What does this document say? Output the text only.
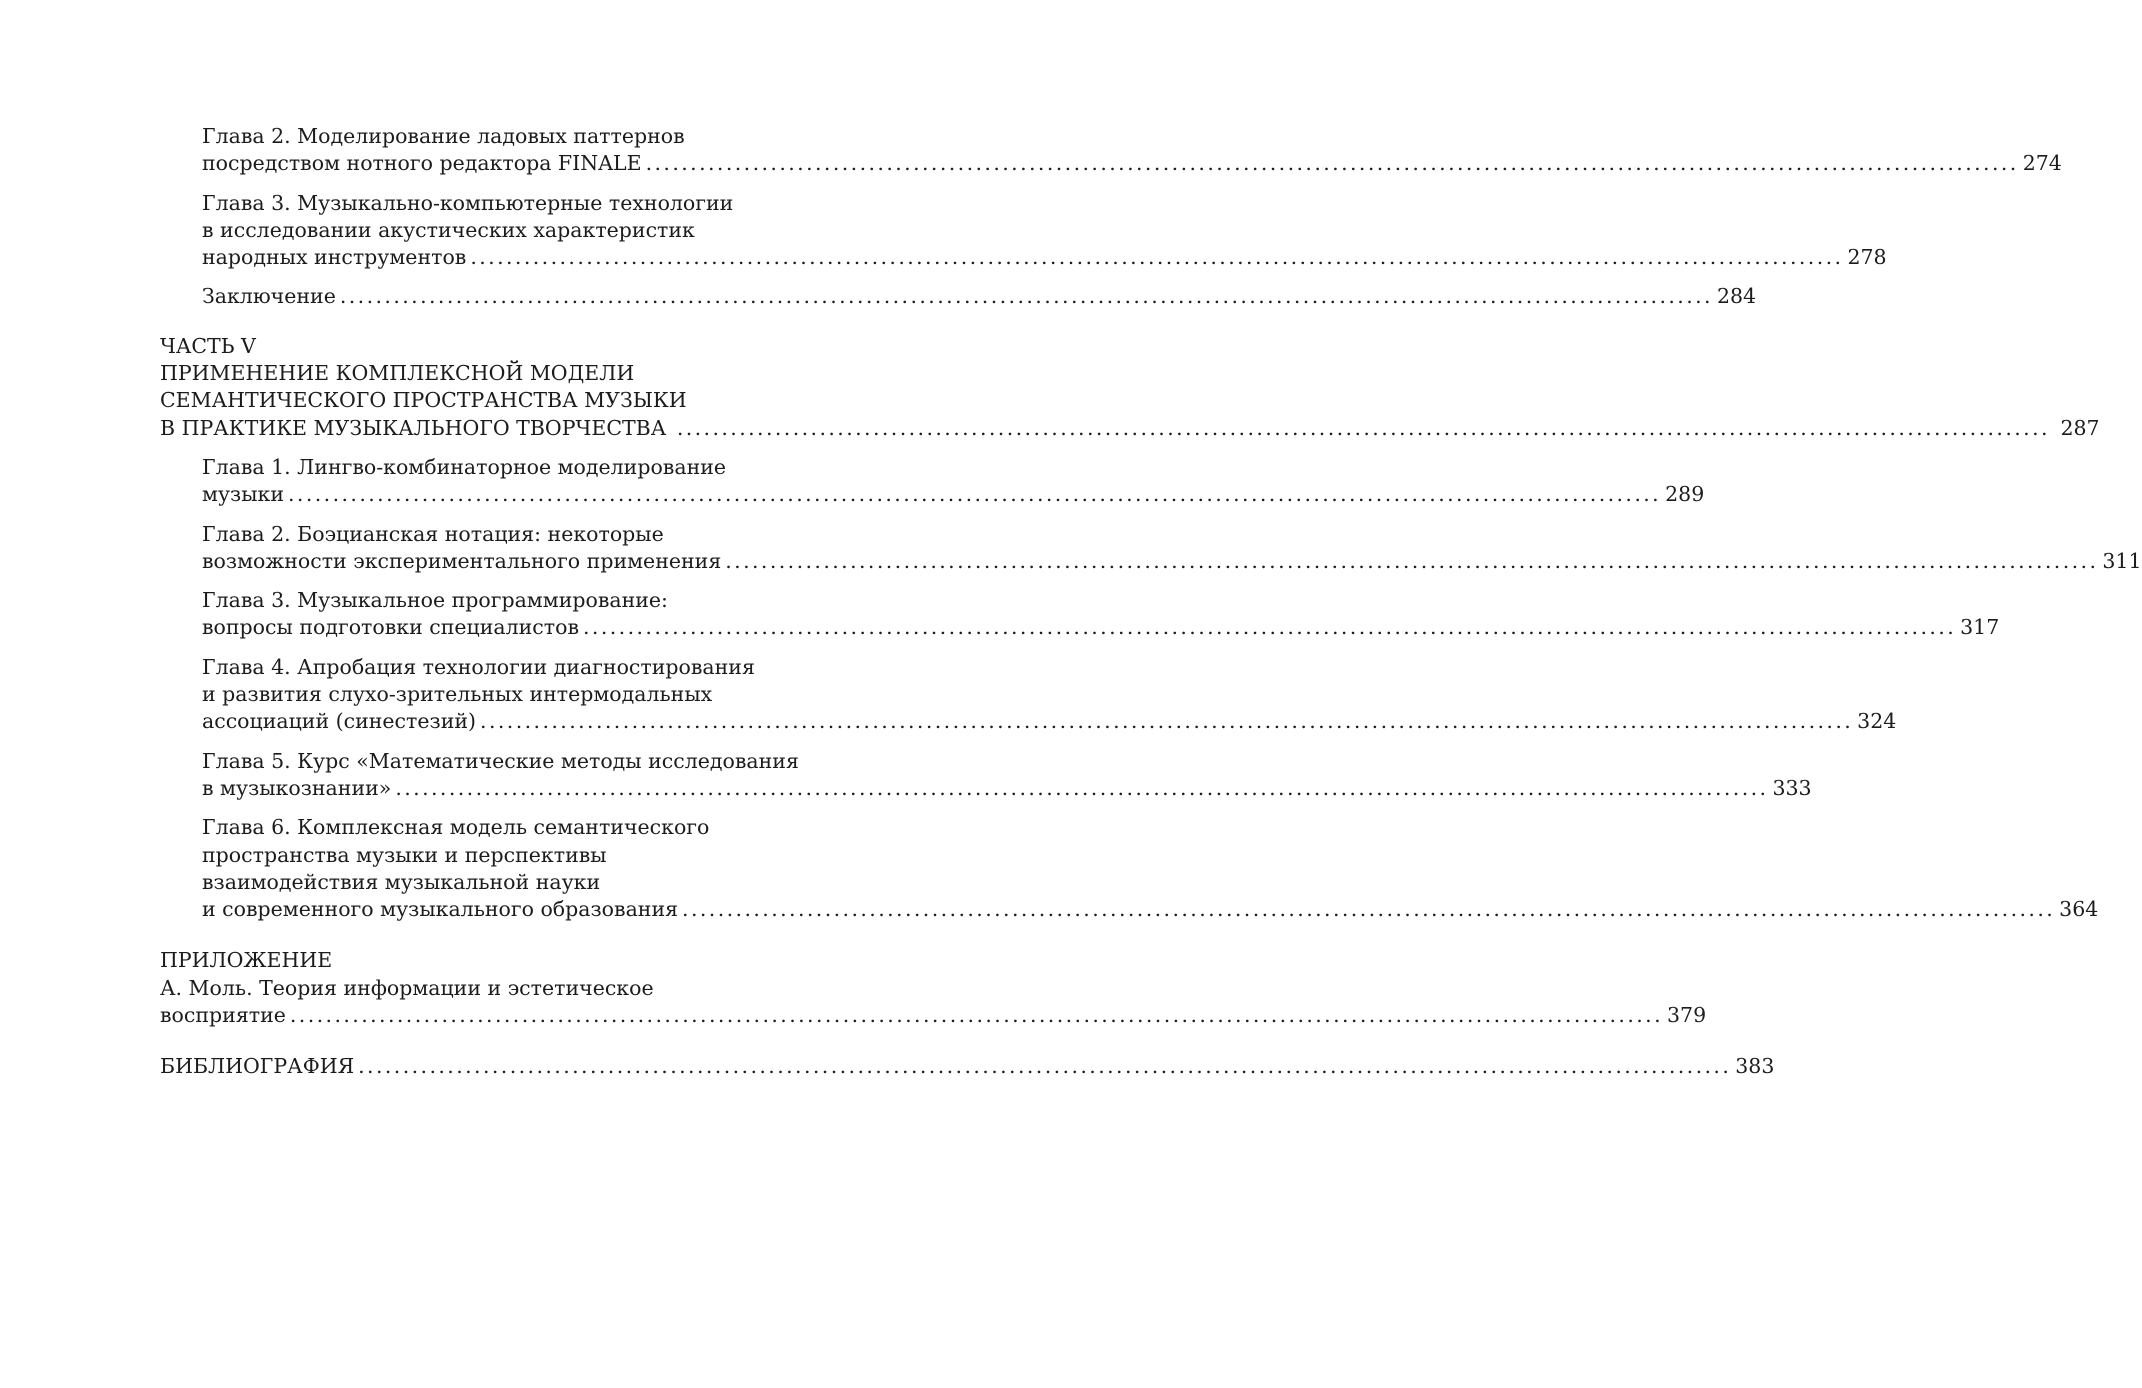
Глава 2. Моделирование ладовых паттернов
посредством нотного редактора FINALE .....	274
Глава 3. Музыкально-компьютерные технологии
в исследовании акустических характеристик
народных инструментов .....	278
Заключение .....	284
ЧАСТЬ V
ПРИМЕНЕНИЕ КОМПЛЕКСНОЙ МОДЕЛИ
СЕМАНТИЧЕСКОГО ПРОСТРАНСТВА МУЗЫКИ
В ПРАКТИКЕ МУЗЫКАЛЬНОГО ТВОРЧЕСТВА .....	287
Глава 1. Лингво-комбинаторное моделирование
музыки .....	289
Глава 2. Боэцианская нотация: некоторые
возможности экспериментального применения .....	311
Глава 3. Музыкальное программирование:
вопросы подготовки специалистов .....	317
Глава 4. Апробация технологии диагностирования
и развития слухо-зрительных интермодальных
ассоциаций (синестезий) .....	324
Глава 5. Курс «Математические методы исследования
в музыкознании» .....	333
Глава 6. Комплексная модель семантического
пространства музыки и перспективы
взаимодействия музыкальной науки
и современного музыкального образования .....	364
ПРИЛОЖЕНИЕ
А. Моль. Теория информации и эстетическое
восприятие .....	379
БИБЛИОГРАФИЯ .....	383
